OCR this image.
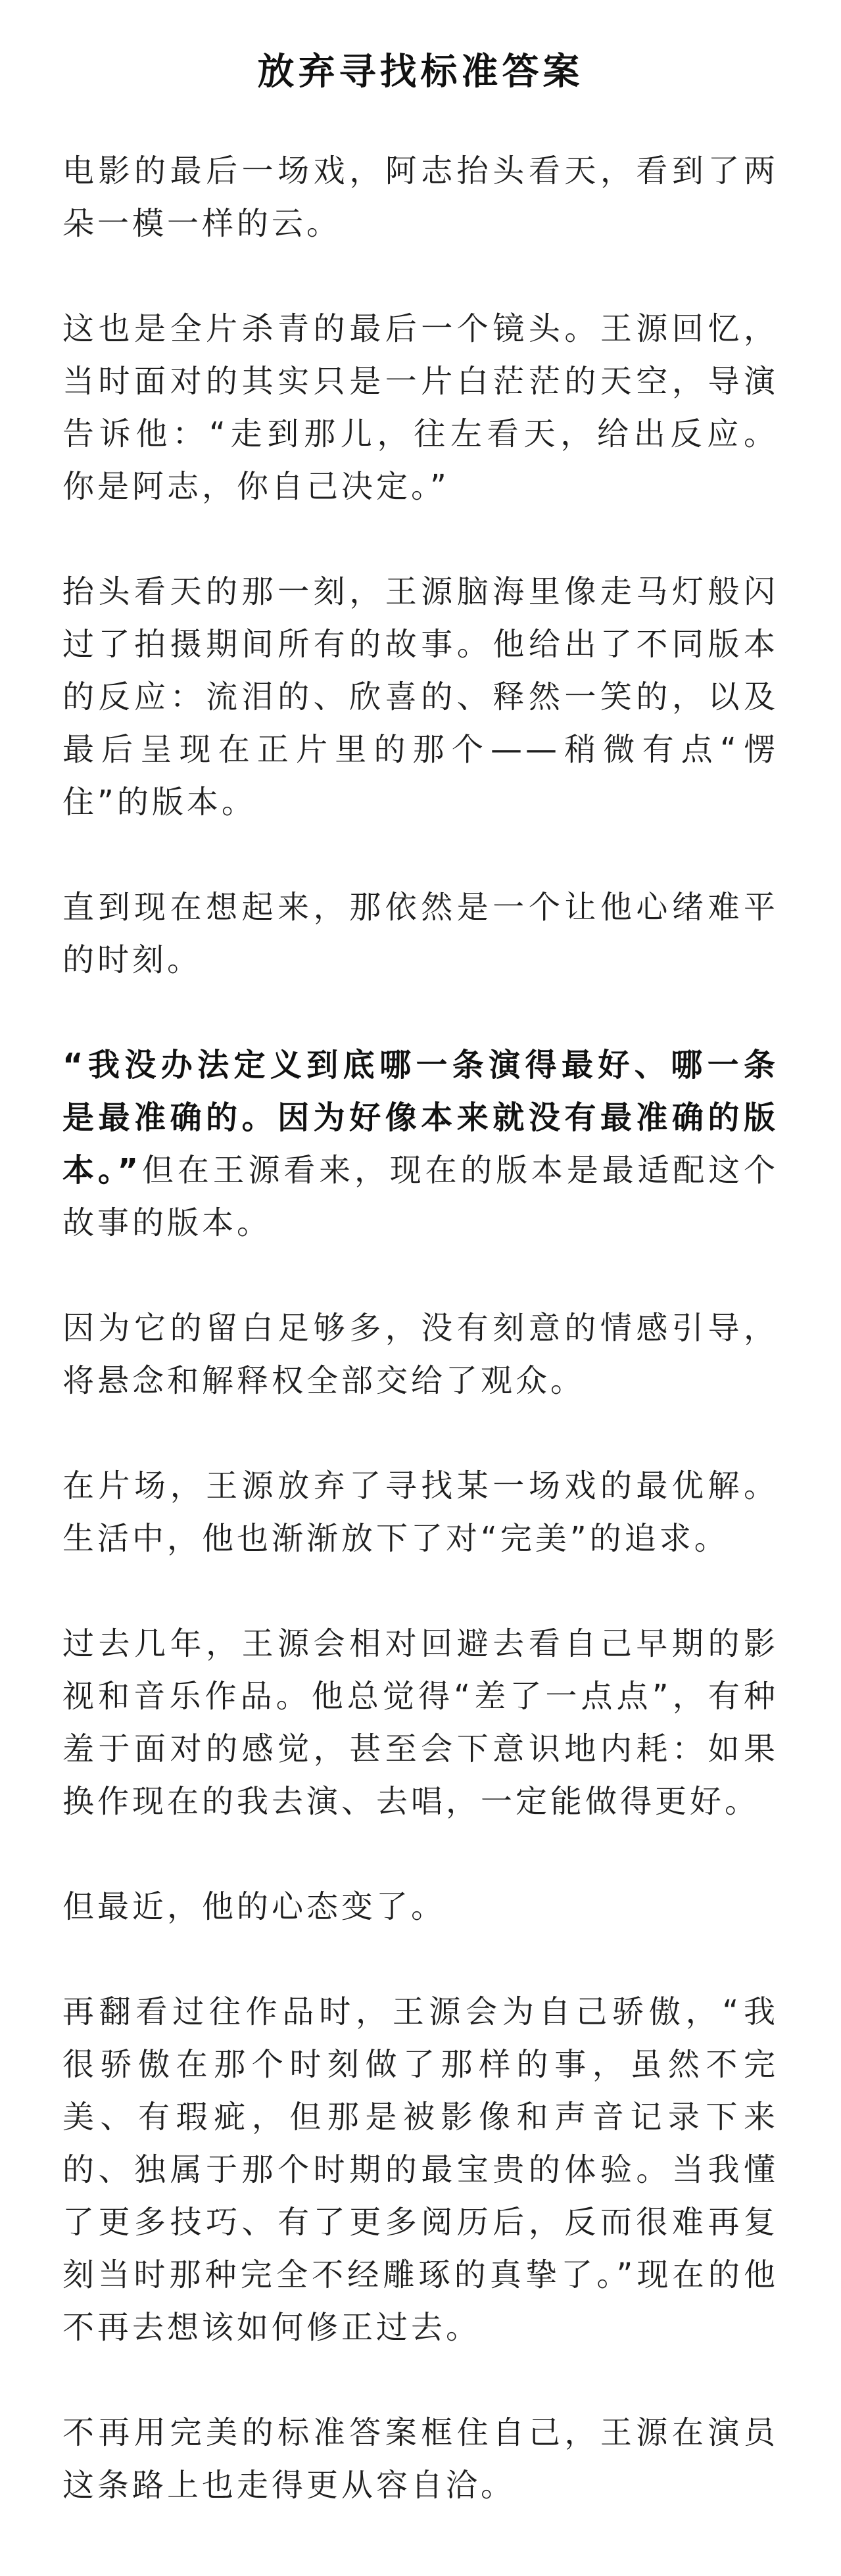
放弃寻找标准答案

电影的最后一场戏，阿志抬头看天，看到了两朵一模一样的云。

这也是全片杀青的最后一个镜头。王源回忆，当时面对的其实只是一片白茫茫的天空，导演告诉他：“走到那儿，往左看天，给出反应。你是阿志，你自己决定。”

抬头看天的那一刻，王源脑海里像走马灯般闪过了拍摄期间所有的故事。他给出了不同版本的反应：流泪的、欣喜的、释然一笑的，以及最后呈现在正片里的那个——稍微有点“愣住”的版本。

直到现在想起来，那依然是一个让他心绪难平的时刻。

“我没办法定义到底哪一条演得最好、哪一条是最准确的。因为好像本来就没有最准确的版本。”但在王源看来，现在的版本是最适配这个故事的版本。

因为它的留白足够多，没有刻意的情感引导，将悬念和解释权全部交给了观众。

在片场，王源放弃了寻找某一场戏的最优解。生活中，他也渐渐放下了对“完美”的追求。

过去几年，王源会相对回避去看自己早期的影视和音乐作品。他总觉得“差了一点点”，有种羞于面对的感觉，甚至会下意识地内耗：如果换作现在的我去演、去唱，一定能做得更好。

但最近，他的心态变了。

再翻看过往作品时，王源会为自己骄傲，“我很骄傲在那个时刻做了那样的事，虽然不完美、有瑕疵，但那是被影像和声音记录下来的、独属于那个时期的最宝贵的体验。当我懂了更多技巧、有了更多阅历后，反而很难再复刻当时那种完全不经雕琢的真挚了。”现在的他不再去想该如何修正过去。

不再用完美的标准答案框住自己，王源在演员这条路上也走得更从容自洽。
